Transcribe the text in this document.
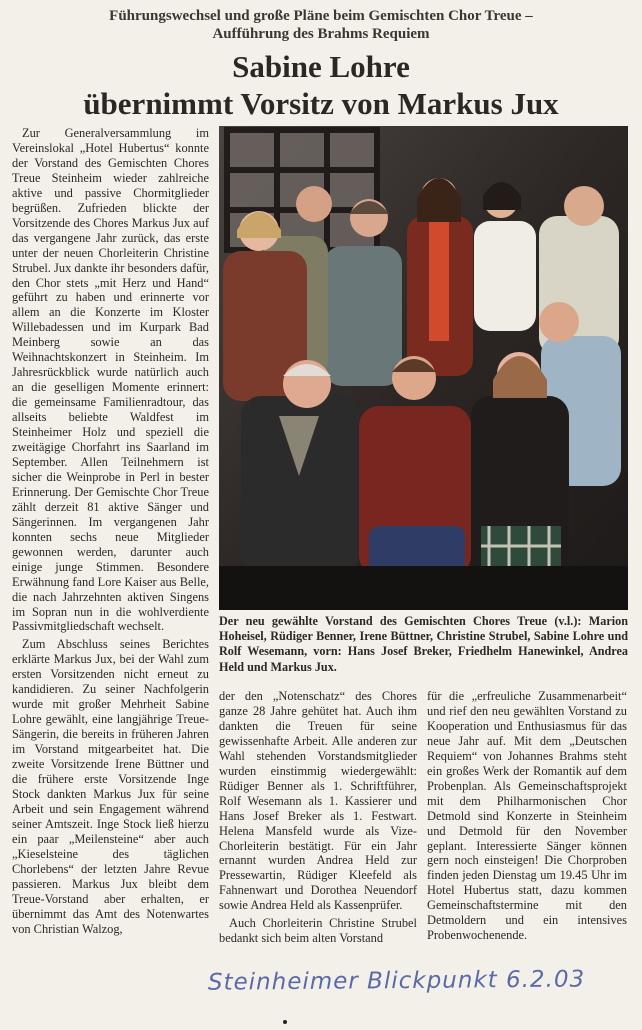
Führungswechsel und große Pläne beim Gemischten Chor Treue –
Aufführung des Brahms Requiem
Sabine Lohre
übernimmt Vorsitz von Markus Jux

Zur Generalversammlung im Vereinslokal „Hotel Hubertus“ konnte der Vorstand des Gemischten Chores Treue Steinheim wieder zahlreiche aktive und passive Chormitglieder begrüßen. Zufrieden blickte der Vorsitzende des Chores Markus Jux auf das vergangene Jahr zurück, das erste unter der neuen Chorleiterin Christine Strubel. Jux dankte ihr besonders dafür, den Chor stets „mit Herz und Hand“ geführt zu haben und erinnerte vor allem an die Konzerte im Kloster Willebadessen und im Kurpark Bad Meinberg sowie an das Weihnachtskonzert in Steinheim. Im Jahresrückblick wurde natürlich auch an die geselligen Momente erinnert: die gemeinsame Familienradtour, das allseits beliebte Waldfest im Steinheimer Holz und speziell die zweitägige Chorfahrt ins Saarland im September. Allen Teilnehmern ist sicher die Weinprobe in Perl in bester Erinnerung. Der Gemischte Chor Treue zählt derzeit 81 aktive Sänger und Sängerinnen. Im vergangenen Jahr konnten sechs neue Mitglieder gewonnen werden, darunter auch einige junge Stimmen. Besondere Erwähnung fand Lore Kaiser aus Belle, die nach Jahrzehnten aktiven Singens im Sopran nun in die wohlverdiente Passivmitgliedschaft wechselt.

Zum Abschluss seines Berichtes erklärte Markus Jux, bei der Wahl zum ersten Vorsitzenden nicht erneut zu kandidieren. Zu seiner Nachfolgerin wurde mit großer Mehrheit Sabine Lohre gewählt, eine langjährige Treue-Sängerin, die bereits in früheren Jahren im Vorstand mitgearbeitet hat. Die zweite Vorsitzende Irene Büttner und die frühere erste Vorsitzende Inge Stock dankten Markus Jux für seine Arbeit und sein Engagement während seiner Amtszeit. Inge Stock ließ hierzu ein paar „Meilensteine“ aber auch „Kieselsteine des täglichen Chorlebens“ der letzten Jahre Revue passieren. Markus Jux bleibt dem Treue-Vorstand aber erhalten, er übernimmt das Amt des Notenwartes von Christian Walzog,

Der neu gewählte Vorstand des Gemischten Chores Treue (v.l.): Marion Hoheisel, Rüdiger Benner, Irene Büttner, Christine Strubel, Sabine Lohre und Rolf Wesemann, vorn: Hans Josef Breker, Friedhelm Hanewinkel, Andrea Held und Markus Jux.

der den „Notenschatz“ des Chores ganze 28 Jahre gehütet hat. Auch ihm dankten die Treuen für seine gewissenhafte Arbeit. Alle anderen zur Wahl stehenden Vorstandsmitglieder wurden einstimmig wiedergewählt: Rüdiger Benner als 1. Schriftführer, Rolf Wesemann als 1. Kassierer und Hans Josef Breker als 1. Festwart. Helena Mansfeld wurde als Vize-Chorleiterin bestätigt. Für ein Jahr ernannt wurden Andrea Held zur Pressewartin, Rüdiger Kleefeld als Fahnenwart und Dorothea Neuendorf sowie Andrea Held als Kassenprüfer.

Auch Chorleiterin Christine Strubel bedankt sich beim alten Vorstand

für die „erfreuliche Zusammenarbeit“ und rief den neu gewählten Vorstand zu Kooperation und Enthusiasmus für das neue Jahr auf. Mit dem „Deutschen Requiem“ von Johannes Brahms steht ein großes Werk der Romantik auf dem Probenplan. Als Gemeinschaftsprojekt mit dem Philharmonischen Chor Detmold sind Konzerte in Steinheim und Detmold für den November geplant. Interessierte Sänger können gern noch einsteigen! Die Chorproben finden jeden Dienstag um 19.45 Uhr im Hotel Hubertus statt, dazu kommen Gemeinschaftstermine mit den Detmoldern und ein intensives Probenwochenende.

Steinheimer Blickpunkt 6.2.03
